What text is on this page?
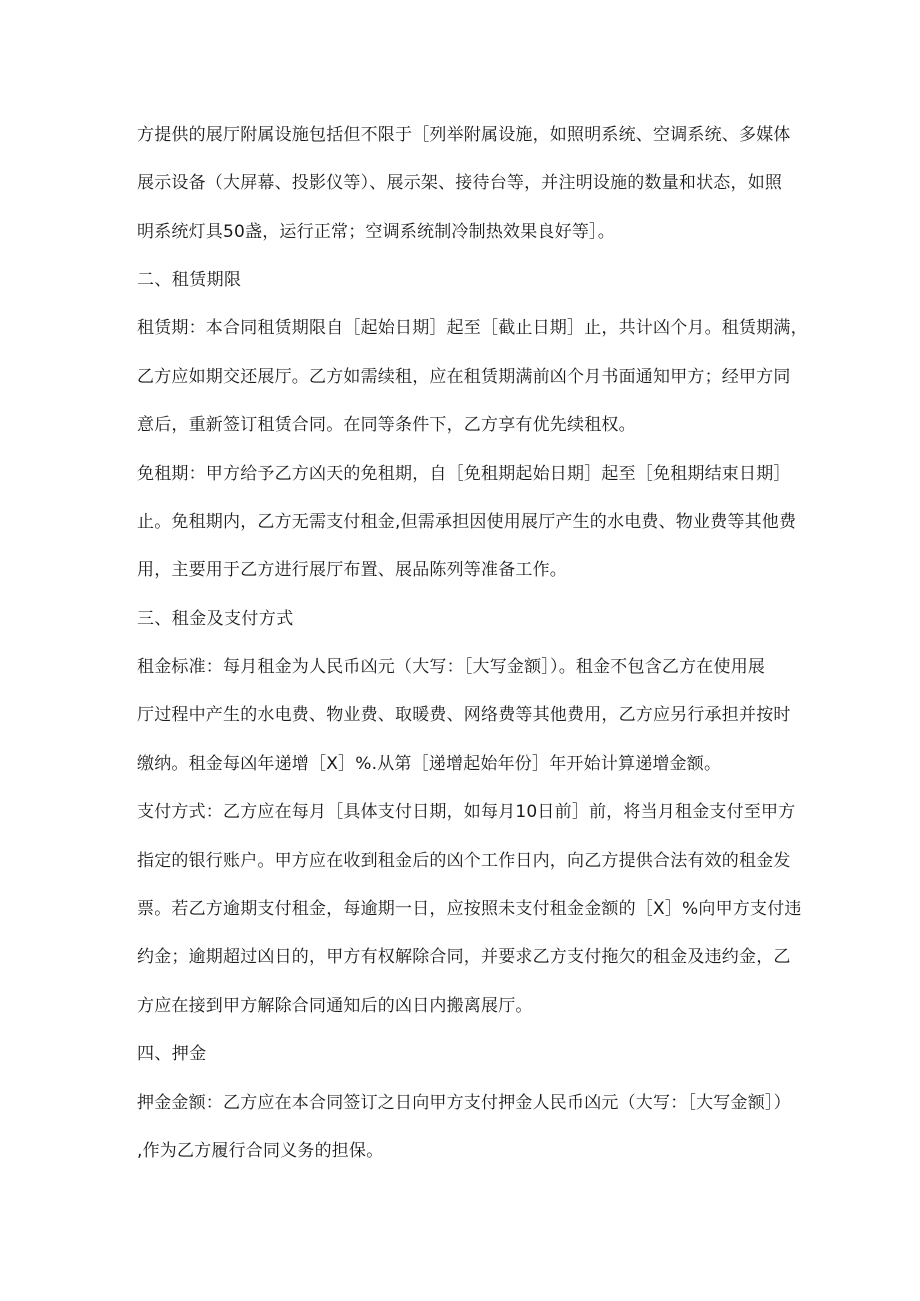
方提供的展厅附属设施包括但不限于［列举附属设施，如照明系统、空调系统、多媒体
展示设备（大屏幕、投影仪等）、展示架、接待台等，并注明设施的数量和状态，如照
明系统灯具50盏，运行正常；空调系统制冷制热效果良好等］。
二、租赁期限
租赁期：本合同租赁期限自［起始日期］起至［截止日期］止，共计凶个月。租赁期满，
乙方应如期交还展厅。乙方如需续租，应在租赁期满前凶个月书面通知甲方；经甲方同
意后，重新签订租赁合同。在同等条件下，乙方享有优先续租权。
免租期：甲方给予乙方凶天的免租期，自［免租期起始日期］起至［免租期结束日期］
止。免租期内，乙方无需支付租金,但需承担因使用展厅产生的水电费、物业费等其他费
用，主要用于乙方进行展厅布置、展品陈列等准备工作。
三、租金及支付方式
租金标准：每月租金为人民币凶元（大写：［大写金额］）。租金不包含乙方在使用展
厅过程中产生的水电费、物业费、取暖费、网络费等其他费用，乙方应另行承担并按时
缴纳。租金每凶年递增［X］%.从第［递增起始年份］年开始计算递增金额。
支付方式：乙方应在每月［具体支付日期，如每月10日前］前，将当月租金支付至甲方
指定的银行账户。甲方应在收到租金后的凶个工作日内，向乙方提供合法有效的租金发
票。若乙方逾期支付租金，每逾期一日，应按照未支付租金金额的［X］%向甲方支付违
约金；逾期超过凶日的，甲方有权解除合同，并要求乙方支付拖欠的租金及违约金，乙
方应在接到甲方解除合同通知后的凶日内搬离展厅。
四、押金
押金金额：乙方应在本合同签订之日向甲方支付押金人民币凶元（大写：［大写金额］）
,作为乙方履行合同义务的担保。
